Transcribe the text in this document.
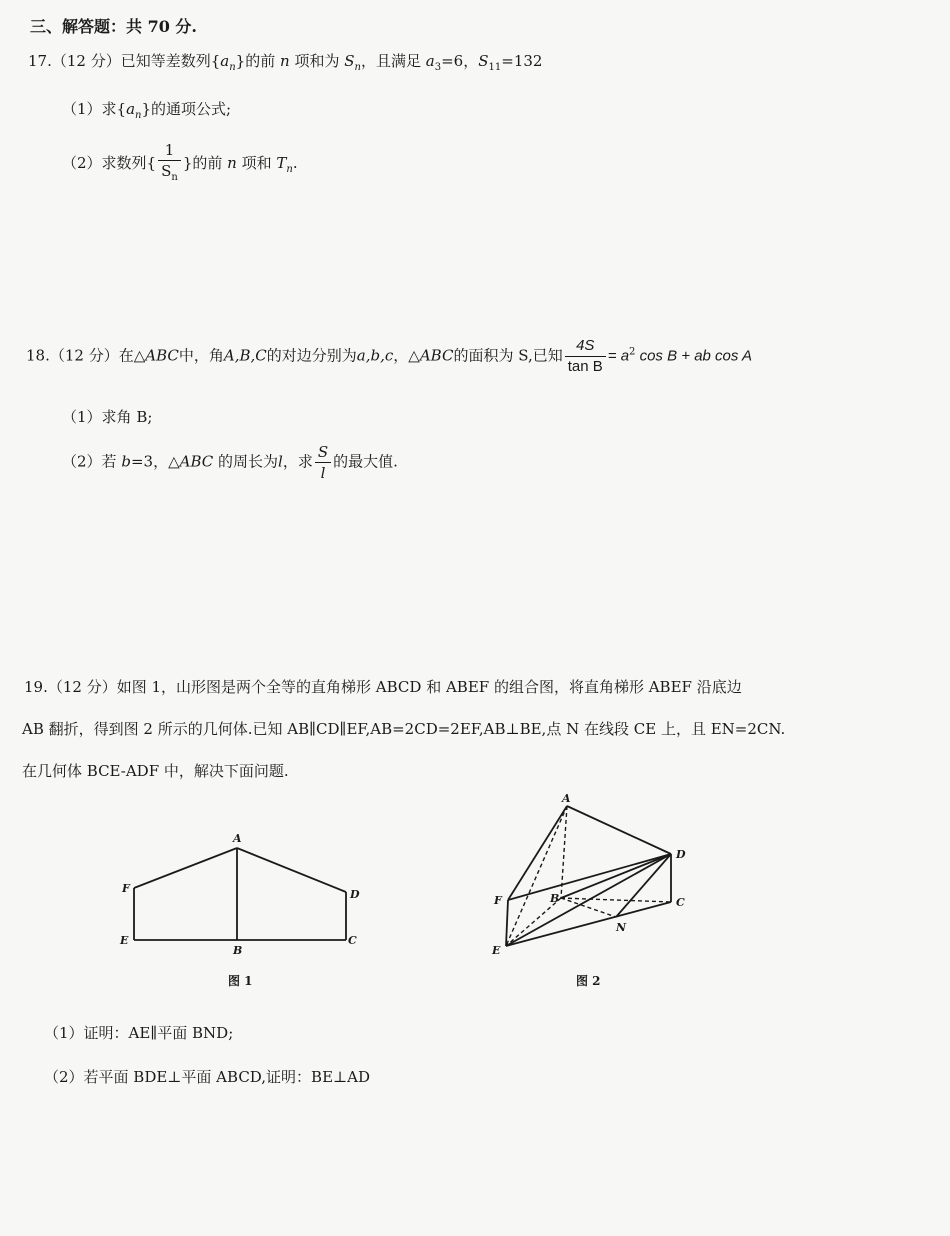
三、解答题：共 70 分.
17.（12 分）已知等差数列$\{a_n\}$的前 n 项和为 $S_n$，且满足 $a_3=6$，$S_{11}=132$
（1）求$\{a_n\}$的通项公式;
（2）求数列{ $\frac{1}{S_n}$ }的前 n 项和 $T_n$.
18.（12 分）在△ABC中，角A,B,C的对边分别为a,b,c，△ABC的面积为 S,已知 $\frac{4S}{\text{tan B}} = a^2$ cos B + ab cos A
（1）求角 B;
（2）若 b=3，△ABC 的周长为l，求 $\frac{S}{l}$ 的最大值.
19.（12 分）如图 1，山形图是两个全等的直角梯形 ABCD 和 ABEF 的组合图，将直角梯形 ABEF 沿底边
AB 翻折，得到图 2 所示的几何体.已知 AB∥CD∥EF,AB=2CD=2EF,AB⊥BE,点 N 在线段 CE 上，且 EN=2CN.
在几何体 BCE-ADF 中，解决下面问题.
A
F
E
B
D
C
图 1
A
F
E
B
D
C
N
图 2
（1）证明：AE∥平面 BND;
（2）若平面 BDE⊥平面 ABCD,证明：BE⊥AD
